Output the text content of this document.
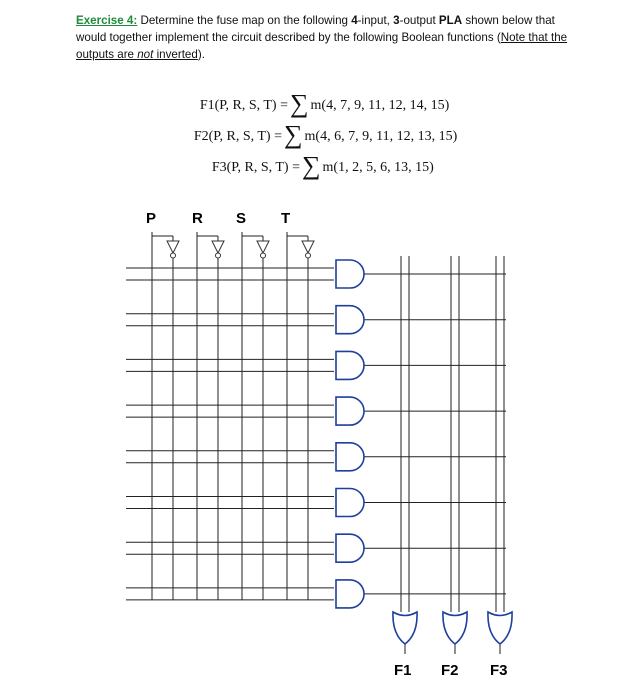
Exercise 4: Determine the fuse map on the following 4-input, 3-output PLA shown below that would together implement the circuit described by the following Boolean functions (Note that the outputs are not inverted).
F1(P, R, S, T) =∑ m(4, 7, 9, 11, 12, 14, 15)
F2(P, R, S, T) =∑ m(4, 6, 7, 9, 11, 12, 13, 15)
F3(P, R, S, T) =∑ m(1, 2, 5, 6, 13, 15)
P R S T
F1 F2 F3
